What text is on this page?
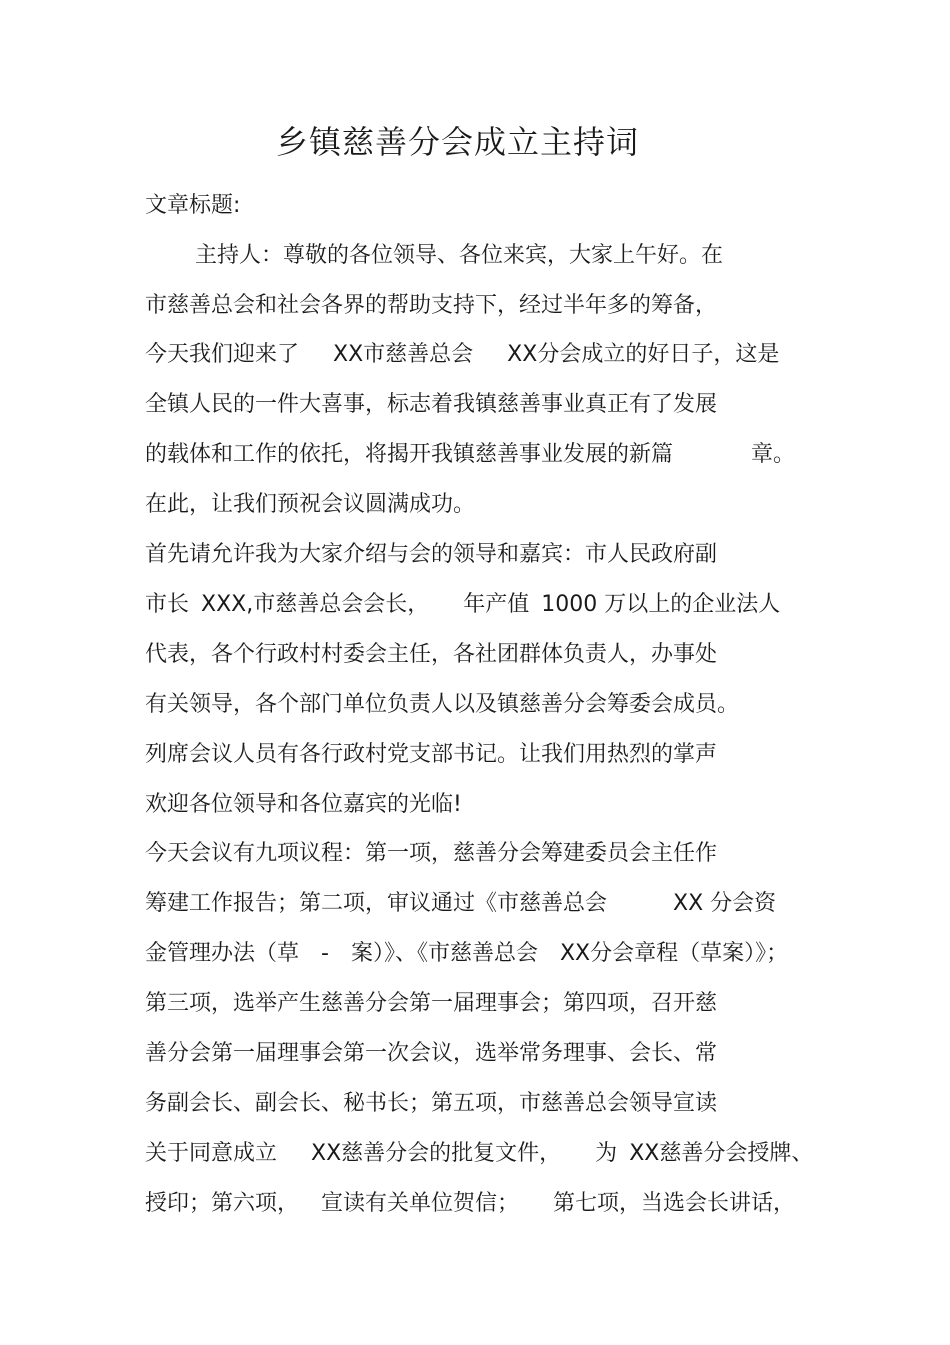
乡镇慈善分会成立主持词
文章标题:
主持人：尊敬的各位领导、各位来宾，大家上午好。在
市慈善总会和社会各界的帮助支持下，经过半年多的筹备，
今天我们迎来了 XX市慈善总会 XX分会成立的好日子，这是
全镇人民的一件大喜事，标志着我镇慈善事业真正有了发展
的载体和工作的依托，将揭开我镇慈善事业发展的新篇	章。
在此，让我们预祝会议圆满成功。
首先请允许我为大家介绍与会的领导和嘉宾：市人民政府副
市长 XXX,市慈善总会会长， 年产值 1000 万以上的企业法人
代表，各个行政村村委会主任，各社团群体负责人，办事处
有关领导，各个部门单位负责人以及镇慈善分会筹委会成员。
列席会议人员有各行政村党支部书记。让我们用热烈的掌声
欢迎各位领导和各位嘉宾的光临!
今天会议有九项议程：第一项，慈善分会筹建委员会主任作
筹建工作报告；第二项，审议通过《市慈善总会	XX 分会资
金管理办法（草 - 案）》、《市慈善总会 XX分会章程（草案）》；
第三项，选举产生慈善分会第一届理事会；第四项，召开慈
善分会第一届理事会第一次会议，选举常务理事、会长、常
务副会长、副会长、秘书长；第五项，市慈善总会领导宣读
关于同意成立 XX慈善分会的批复文件， 为 XX慈善分会授牌、
授印；第六项， 宣读有关单位贺信； 第七项，当选会长讲话，
